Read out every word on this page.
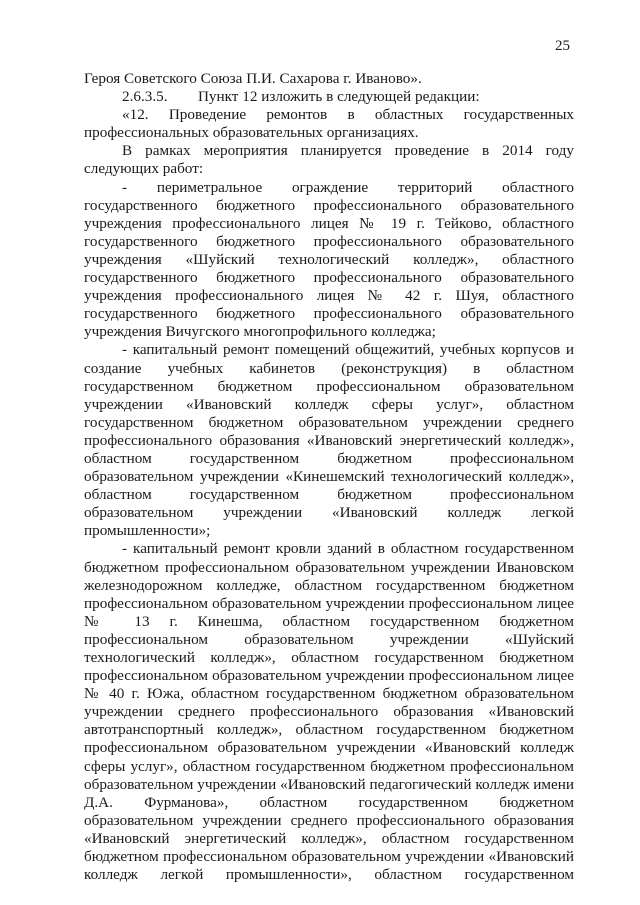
25
Героя Советского Союза П.И. Сахарова г. Иваново».
2.6.3.5.        Пункт 12 изложить в следующей редакции:
«12. Проведение ремонтов в областных государственных
профессиональных образовательных организациях.
В рамках мероприятия планируется проведение в 2014 году
следующих работ:
- периметральное ограждение территорий областного
государственного бюджетного профессионального образовательного
учреждения профессионального лицея № 19 г. Тейково, областного
государственного бюджетного профессионального образовательного
учреждения «Шуйский технологический колледж», областного
государственного бюджетного профессионального образовательного
учреждения профессионального лицея № 42 г. Шуя, областного
государственного бюджетного профессионального образовательного
учреждения Вичугского многопрофильного колледжа;
- капитальный ремонт помещений общежитий, учебных корпусов и
создание учебных кабинетов (реконструкция) в областном
государственном бюджетном профессиональном образовательном
учреждении «Ивановский колледж сферы услуг», областном
государственном бюджетном образовательном учреждении среднего
профессионального образования «Ивановский энергетический колледж»,
областном государственном бюджетном профессиональном
образовательном учреждении «Кинешемский технологический колледж»,
областном государственном бюджетном профессиональном
образовательном учреждении «Ивановский колледж легкой
промышленности»;
- капитальный ремонт кровли зданий в областном государственном
бюджетном профессиональном образовательном учреждении Ивановском
железнодорожном колледже, областном государственном бюджетном
профессиональном образовательном учреждении профессиональном лицее
№ 13 г. Кинешма, областном государственном бюджетном
профессиональном образовательном учреждении «Шуйский
технологический колледж», областном государственном бюджетном
профессиональном образовательном учреждении профессиональном лицее
№ 40 г. Южа, областном государственном бюджетном образовательном
учреждении среднего профессионального образования «Ивановский
автотранспортный колледж», областном государственном бюджетном
профессиональном образовательном учреждении «Ивановский колледж
сферы услуг», областном государственном бюджетном профессиональном
образовательном учреждении «Ивановский педагогический колледж имени
Д.А. Фурманова», областном государственном бюджетном
образовательном учреждении среднего профессионального образования
«Ивановский энергетический колледж», областном государственном
бюджетном профессиональном образовательном учреждении «Ивановский
колледж легкой промышленности», областном государственном
